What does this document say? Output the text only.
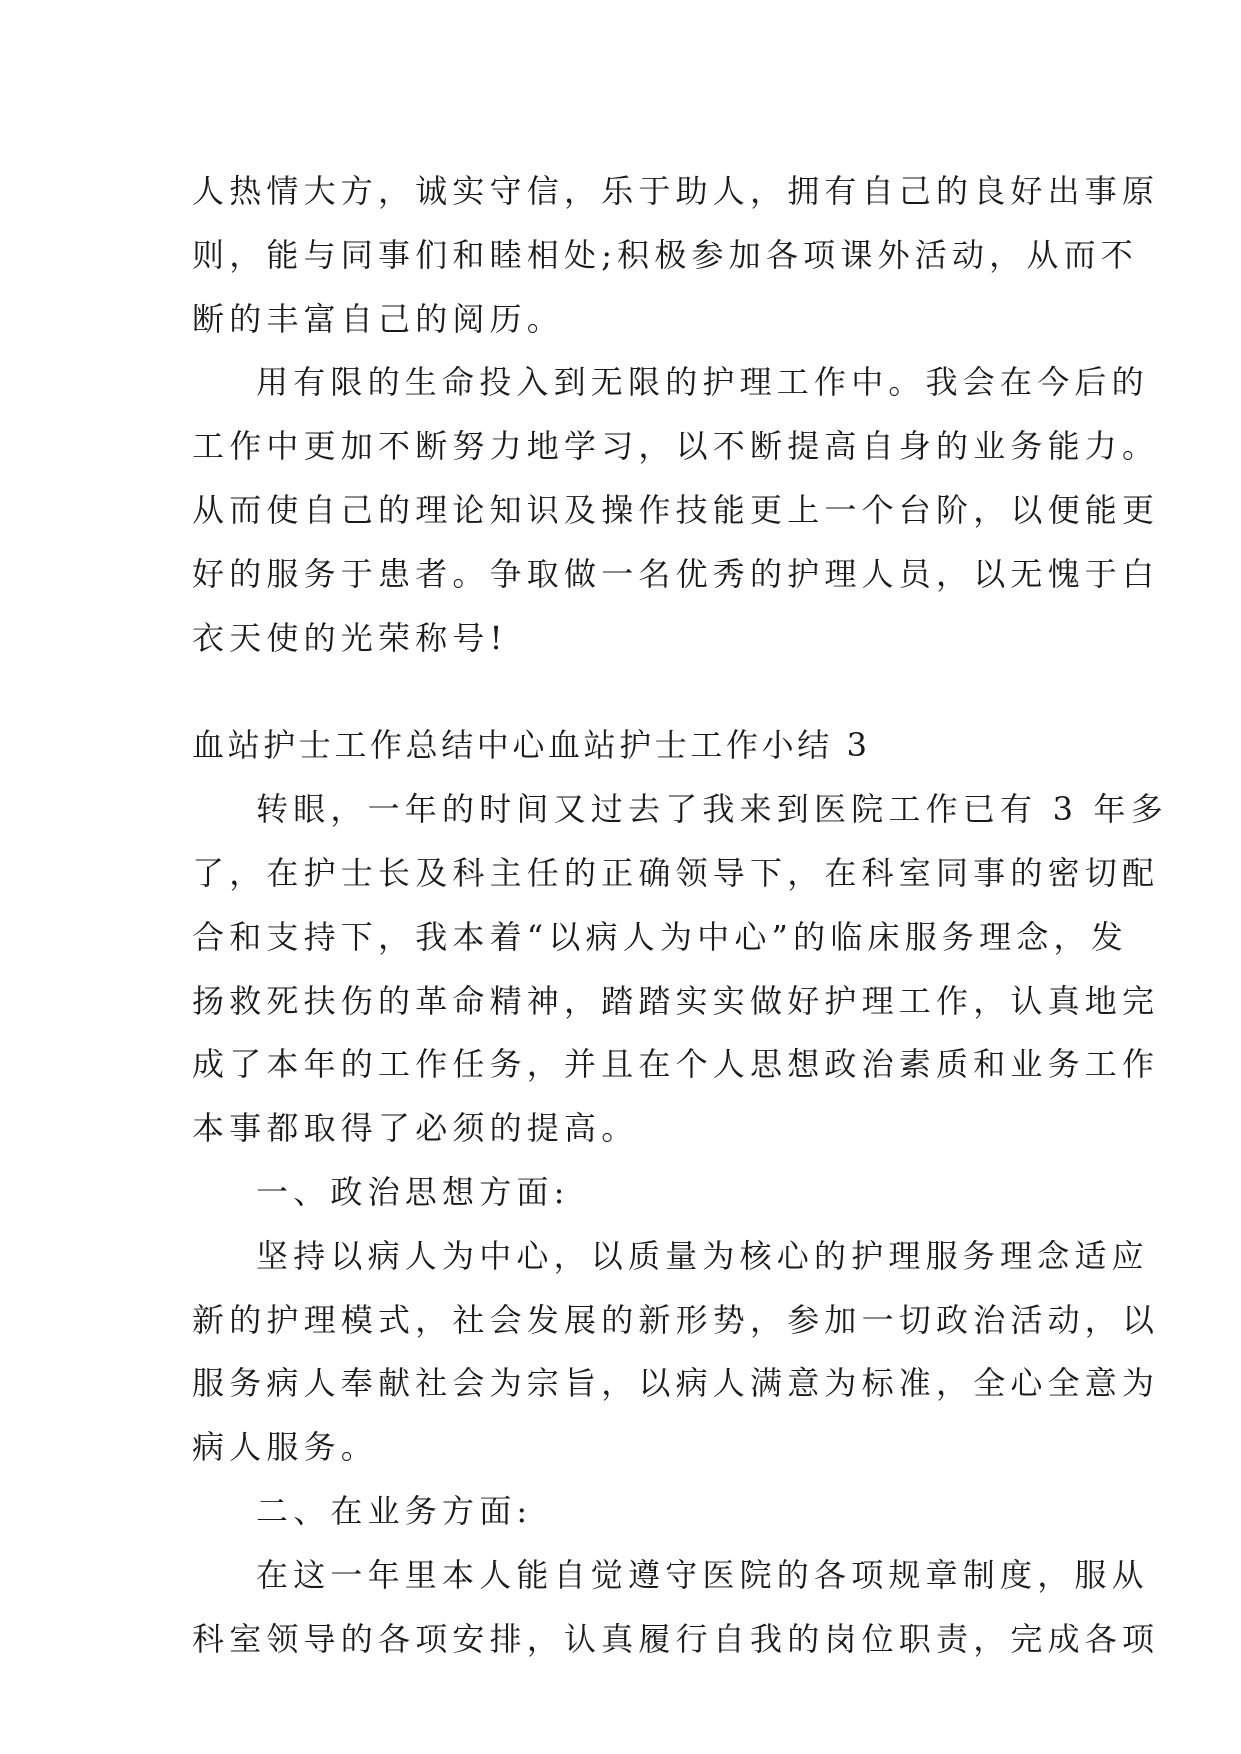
人热情大方，诚实守信，乐于助人，拥有自己的良好出事原
则，能与同事们和睦相处;积极参加各项课外活动，从而不
断的丰富自己的阅历。
用有限的生命投入到无限的护理工作中。我会在今后的
工作中更加不断努力地学习，以不断提高自身的业务能力。
从而使自己的理论知识及操作技能更上一个台阶，以便能更
好的服务于患者。争取做一名优秀的护理人员，以无愧于白
衣天使的光荣称号!
血站护士工作总结中心血站护士工作小结 3
转眼，一年的时间又过去了我来到医院工作已有 3 年多
了，在护士长及科主任的正确领导下，在科室同事的密切配
合和支持下，我本着“以病人为中心”的临床服务理念，发
扬救死扶伤的革命精神，踏踏实实做好护理工作，认真地完
成了本年的工作任务，并且在个人思想政治素质和业务工作
本事都取得了必须的提高。
一、政治思想方面:
坚持以病人为中心，以质量为核心的护理服务理念适应
新的护理模式，社会发展的新形势，参加一切政治活动，以
服务病人奉献社会为宗旨，以病人满意为标准，全心全意为
病人服务。
二、在业务方面:
在这一年里本人能自觉遵守医院的各项规章制度，服从
科室领导的各项安排，认真履行自我的岗位职责，完成各项
